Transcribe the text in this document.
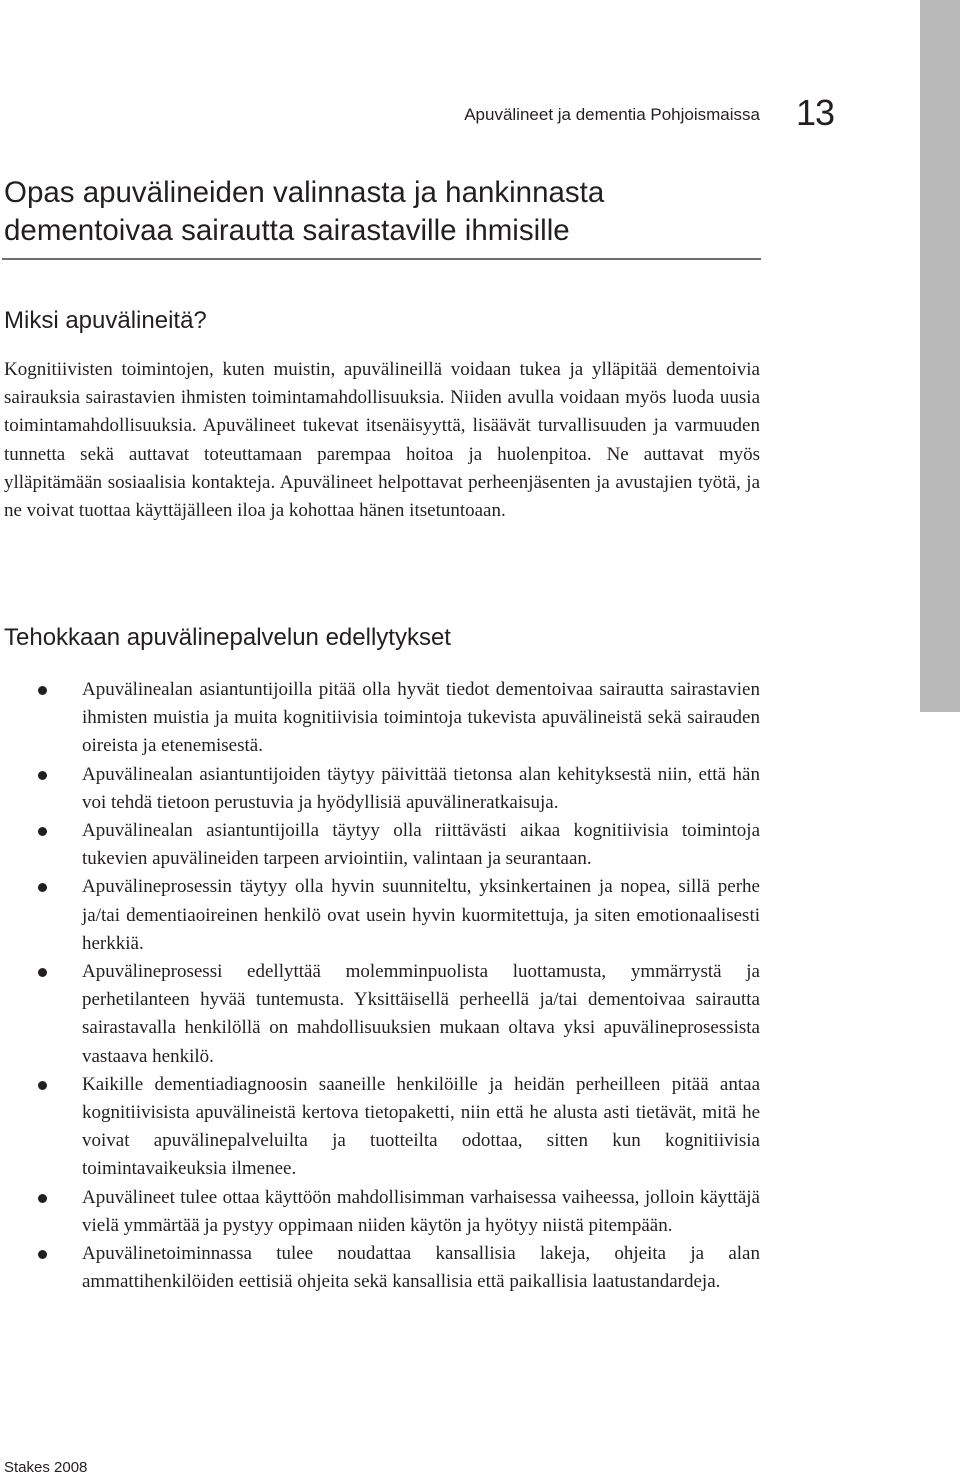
Apuvälineet ja dementia Pohjoismaissa 13
Opas apuvälineiden valinnasta ja hankinnasta dementoivaa sairautta sairastaville ihmisille
Miksi apuvälineitä?

Kognitiivisten toimintojen, kuten muistin, apuvälineillä voidaan tukea ja ylläpitää dementoivia sairauksia sairastavien ihmisten toimintamahdollisuuksia. Niiden avulla voidaan myös luoda uusia toimintamahdollisuuksia. Apuvälineet tukevat itsenäisyyttä, lisäävät turvallisuuden ja varmuuden tunnetta sekä auttavat toteuttamaan parempaa hoitoa ja huolenpitoa. Ne auttavat myös ylläpitämään sosiaalisia kontakteja. Apuvälineet helpottavat perheenjäsenten ja avustajien työtä, ja ne voivat tuottaa käyttäjälleen iloa ja kohottaa hänen itsetuntoaan.

Tehokkaan apuvälinepalvelun edellytykset
Apuvälinealan asiantuntijoilla pitää olla hyvät tiedot dementoivaa sairautta sairastavien ihmisten muistia ja muita kognitiivisia toimintoja tukevista apuvälineistä sekä sairauden oireista ja etenemisestä.
Apuvälinealan asiantuntijoiden täytyy päivittää tietonsa alan kehityksestä niin, että hän voi tehdä tietoon perustuvia ja hyödyllisiä apuvälineratkaisuja.
Apuvälinealan asiantuntijoilla täytyy olla riittävästi aikaa kognitiivisia toimintoja tukevien apuvälineiden tarpeen arviointiin, valintaan ja seurantaan.
Apuvälineprosessin täytyy olla hyvin suunniteltu, yksinkertainen ja nopea, sillä perhe ja/tai dementiaoireinen henkilö ovat usein hyvin kuormitettuja, ja siten emotionaalisesti herkkiä.
Apuvälineprosessi edellyttää molemminpuolista luottamusta, ymmärrystä ja perhetilanteen hyvää tuntemusta. Yksittäisellä perheellä ja/tai dementoivaa sairautta sairastavalla henkilöllä on mahdollisuuksien mukaan oltava yksi apuvälineprosessista vastaava henkilö.
Kaikille dementiadiagnoosin saaneille henkilöille ja heidän perheilleen pitää antaa kognitiivisista apuvälineistä kertova tietopaketti, niin että he alusta asti tietävät, mitä he voivat apuvälinepalveluilta ja tuotteilta odottaa, sitten kun kognitiivisia toimintavaikeuksia ilmenee.
Apuvälineet tulee ottaa käyttöön mahdollisimman varhaisessa vaiheessa, jolloin käyttäjä vielä ymmärtää ja pystyy oppimaan niiden käytön ja hyötyy niistä pitempään.
Apuvälinetoiminnassa tulee noudattaa kansallisia lakeja, ohjeita ja alan ammattihenkilöiden eettisiä ohjeita sekä kansallisia että paikallisia laatustandardeja.
Stakes 2008
